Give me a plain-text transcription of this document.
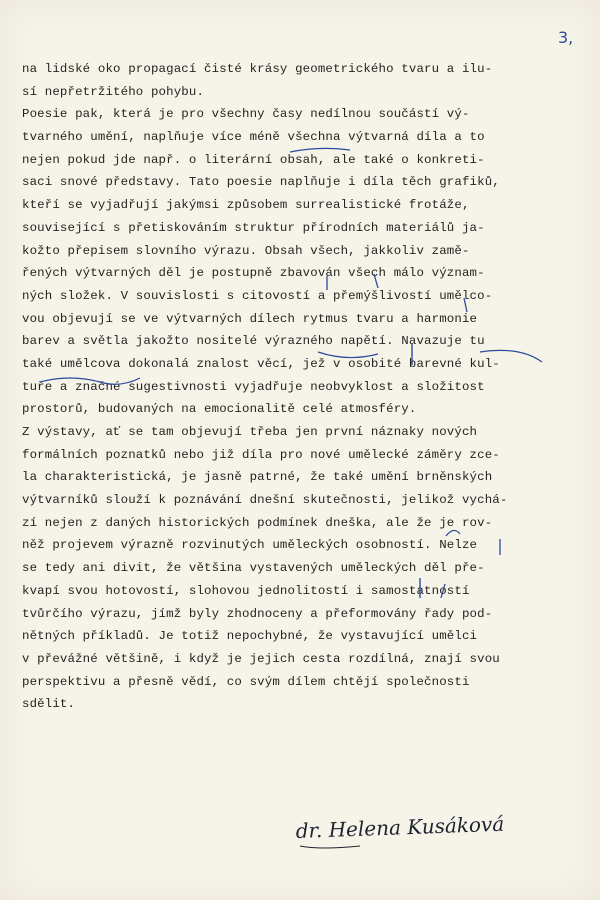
3,
na lidské oko propagací čisté krásy geometrického tvaru a ilu-
sí nepřetržitého pohybu.
Poesie pak, která je pro všechny časy nedílnou součástí vý-
tvarného umění, naplňuje více méně všechna výtvarná díla a to
nejen pokud jde např. o literární obsah, ale také o konkreti-
saci snové představy. Tato poesie naplňuje i díla těch grafiků,
kteří se vyjadřují jakýmsi způsobem surrealistické frotáže,
související s přetiskováním struktur přírodních materiálů ja-
kožto přepisem slovního výrazu. Obsah všech, jakkoliv zamě-
řených výtvarných děl je postupně zbavován všech málo význam-
ných složek. V souvislosti s citovostí a přemýšlivostí umělco-
vou objevují se ve výtvarných dílech rytmus tvaru a harmonie
barev a světla jakožto nositelé výrazného napětí. Navazuje tu
také umělcova dokonalá znalost věcí, jež v osobité barevné kul-
tuře a značné sugestivnosti vyjadřuje neobvyklost a složitost
prostorů, budovaných na emocionalitě celé atmosféry.
Z výstavy, ať se tam objevují třeba jen první náznaky nových
formálních poznatků nebo již díla pro nové umělecké záměry zce-
la charakteristická, je jasně patrné, že také umění brněnských
výtvarníků slouží k poznávání dnešní skutečnosti, jelikož vychá-
zí nejen z daných historických podmínek dneška, ale že je rov-
něž projevem výrazně rozvinutých uměleckých osobností. Nelze
se tedy ani divit, že většina vystavených uměleckých děl pře-
kvapí svou hotovostí, slohovou jednolitostí i samostatností
tvůrčího výrazu, jímž byly zhodnoceny a přeformovány řady pod-
nětných příkladů. Je totiž nepochybné, že vystavující umělci
v převážné většině, i když je jejich cesta rozdílná, znají svou
perspektivu a přesně vědí, co svým dílem chtějí společnosti
sdělit.
dr. Helena Kusáková
